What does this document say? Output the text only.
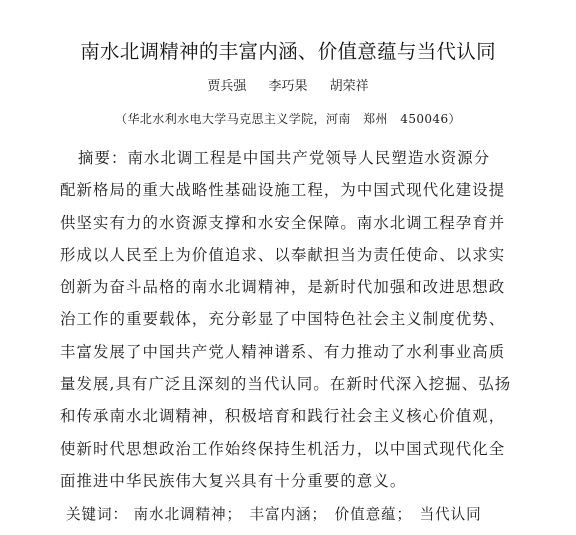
南水北调精神的丰富内涵、价值意蕴与当代认同
贾兵强 李巧果 胡荣祥
（华北水利水电大学马克思主义学院，河南　郑州　450046）
摘要：南水北调工程是中国共产党领导人民塑造水资源分
配新格局的重大战略性基础设施工程，为中国式现代化建设提
供坚实有力的水资源支撑和水安全保障。南水北调工程孕育并
形成以人民至上为价值追求、以奉献担当为责任使命、以求实
创新为奋斗品格的南水北调精神，是新时代加强和改进思想政
治工作的重要载体，充分彰显了中国特色社会主义制度优势、
丰富发展了中国共产党人精神谱系、有力推动了水利事业高质
量发展,具有广泛且深刻的当代认同。在新时代深入挖掘、弘扬
和传承南水北调精神，积极培育和践行社会主义核心价值观，
使新时代思想政治工作始终保持生机活力，以中国式现代化全
面推进中华民族伟大复兴具有十分重要的意义。
关键词： 南水北调精神； 丰富内涵； 价值意蕴； 当代认同
